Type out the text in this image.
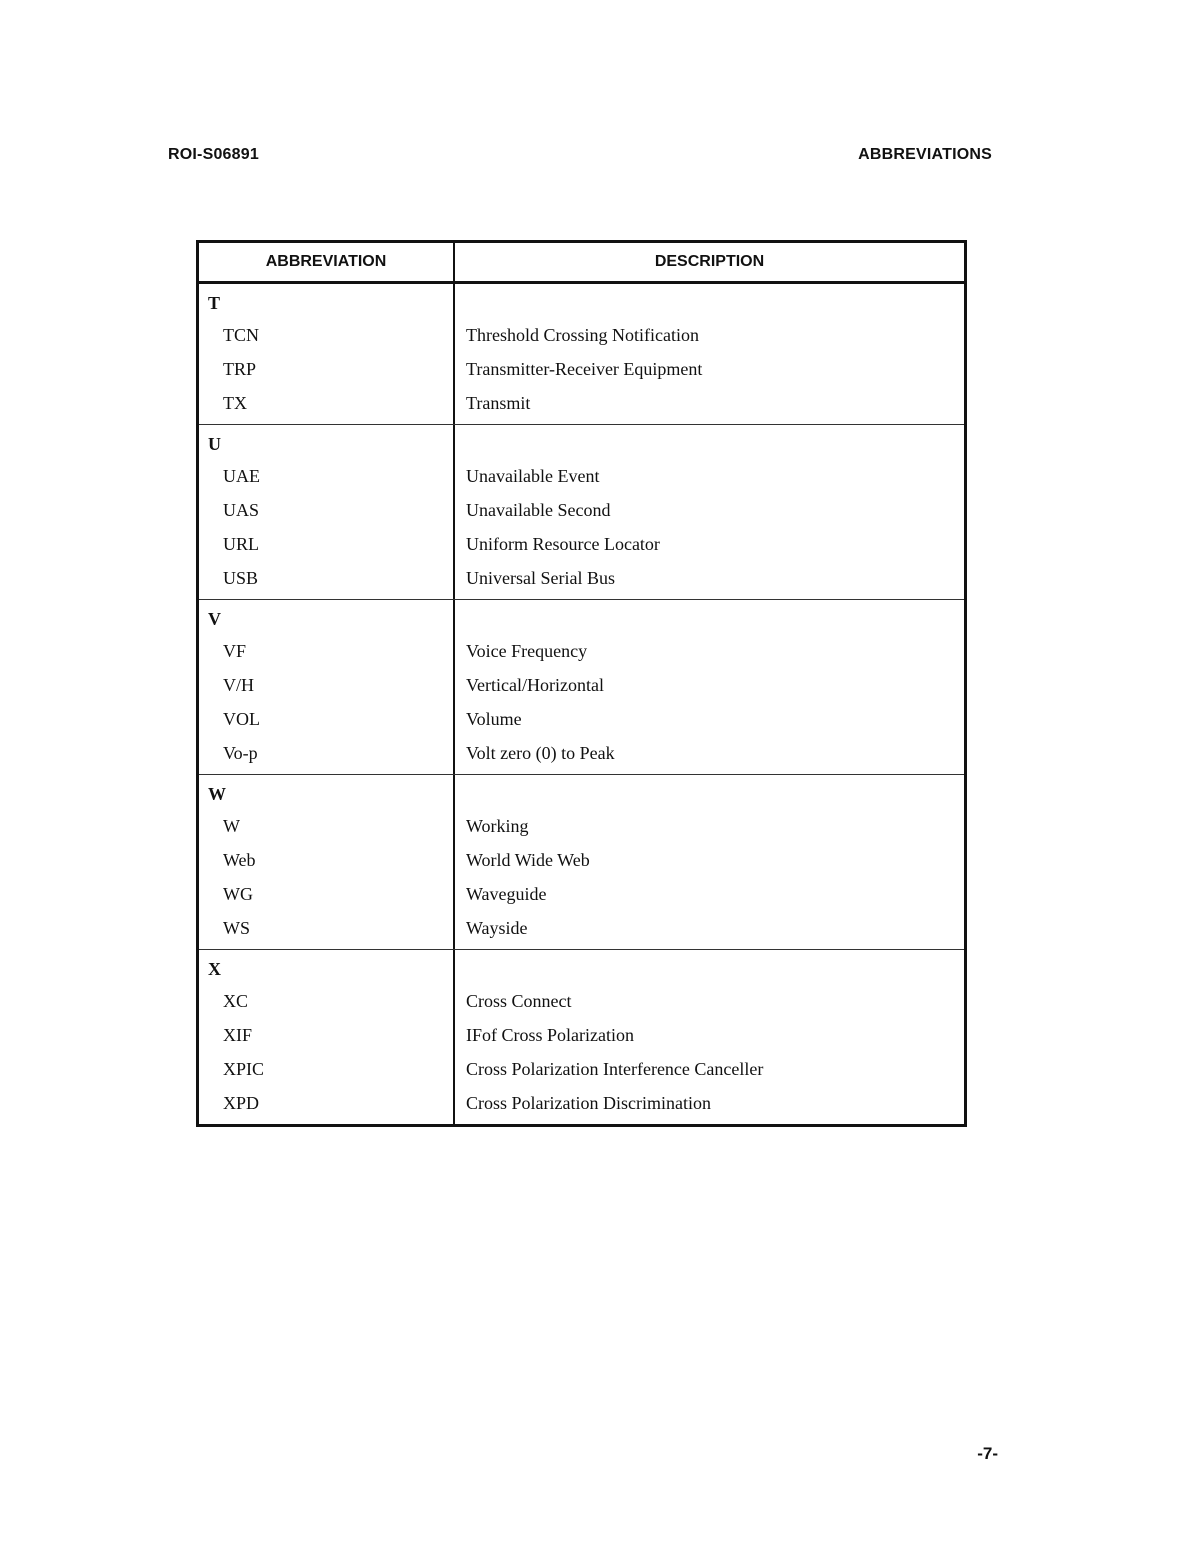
ROI-S06891	ABBREVIATIONS
ABBREVIATION	DESCRIPTION
T
TCN
TRP
TX
Threshold Crossing Notification
Transmitter-Receiver Equipment
Transmit
U
UAE
UAS
URL
USB
Unavailable Event
Unavailable Second
Uniform Resource Locator
Universal Serial Bus
V
VF
V/H
VOL
Vo-p
Voice Frequency
Vertical/Horizontal
Volume
Volt zero (0) to Peak
W
W
Web
WG
WS
Working
World Wide Web
Waveguide
Wayside
X
XC
XIF
XPIC
XPD
Cross Connect
IFof Cross Polarization
Cross Polarization Interference Canceller
Cross Polarization Discrimination
-7-
